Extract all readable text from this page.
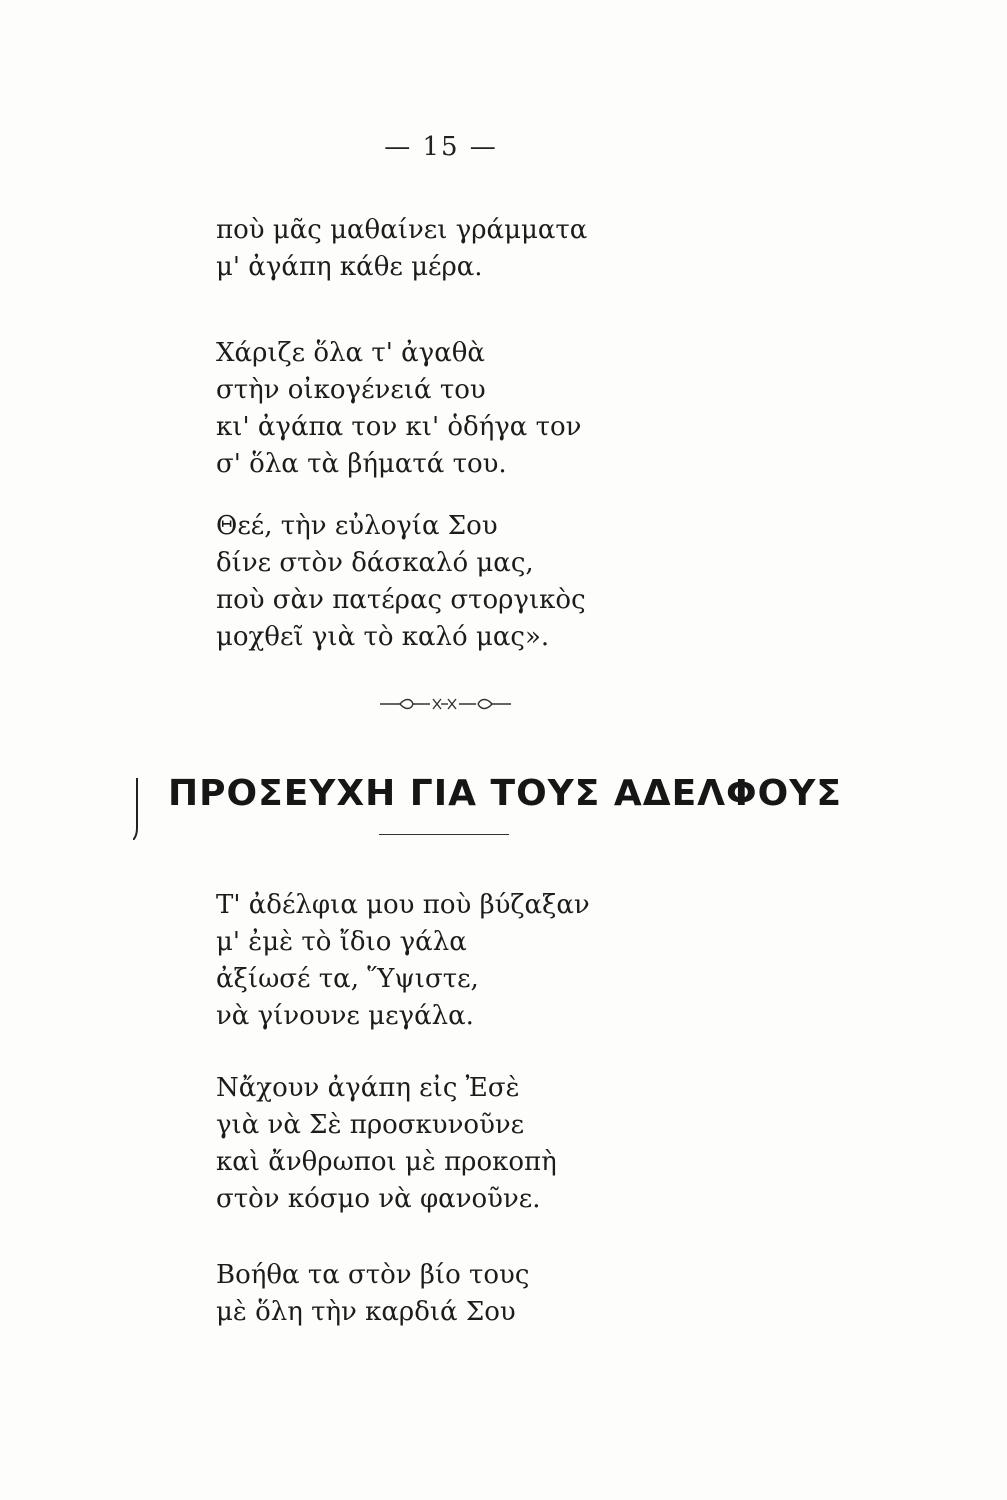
— 15 —
ποὺ μᾶς μαθαίνει γράμματα
μ' ἀγάπη κάθε μέρα.
Χάριζε ὅλα τ' ἀγαθὰ
στὴν οἰκογένειά του
κι' ἀγάπα τον κι' ὁδήγα τον
σ' ὅλα τὰ βήματά του.
Θεέ, τὴν εὐλογία Σου
δίνε στὸν δάσκαλό μας,
ποὺ σὰν πατέρας στοργικὸς
μοχθεῖ γιὰ τὸ καλό μας».
ΠΡΟΣΕΥΧΗ ΓΙΑ ΤΟΥΣ ΑΔΕΛΦΟΥΣ
Τ' ἀδέλφια μου ποὺ βύζαξαν
μ' ἐμὲ τὸ ἴδιο γάλα
ἀξίωσέ τα, Ὕψιστε,
νὰ γίνουνε μεγάλα.
Νἄχουν ἀγάπη εἰς Ἐσὲ
γιὰ νὰ Σὲ προσκυνοῦνε
καὶ ἄνθρωποι μὲ προκοπὴ
στὸν κόσμο νὰ φανοῦνε.
Βοήθα τα στὸν βίο τους
μὲ ὅλη τὴν καρδιά Σου
